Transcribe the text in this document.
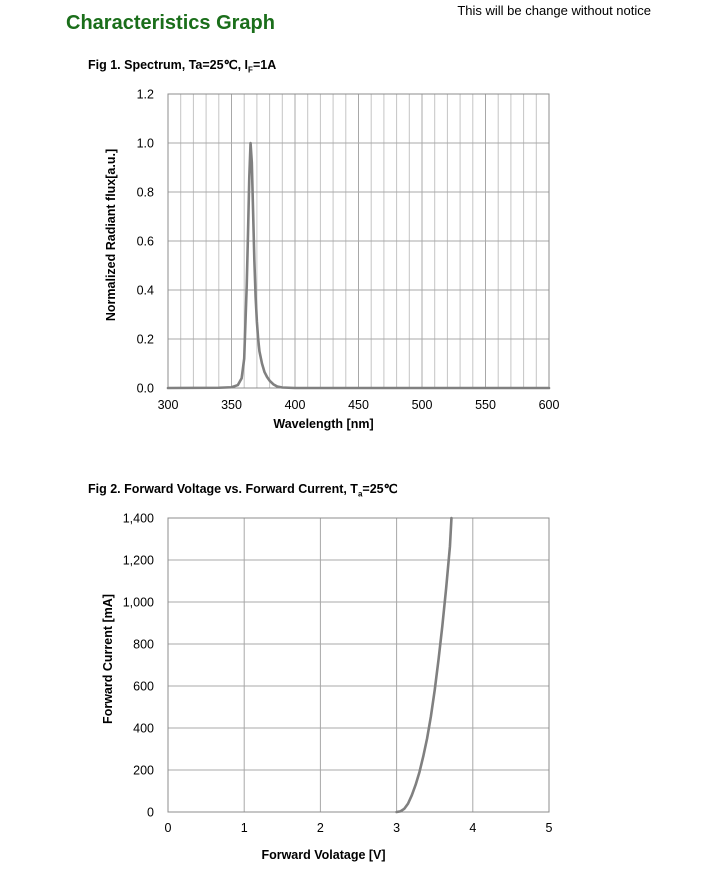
This will be change without notice
Characteristics Graph
Fig 1. Spectrum, Ta=25℃, $I_F=1A$
Fig 2. Forward Voltage vs. Forward Current, $T_a=25℃$
300	350	400	450	500	550	600
0.0
0.2
0.4
0.6
0.8
1.0
1.2
Wavelength [nm]
Normalized Radiant flux[a.u.]
0	1	2	3	4	5
0
200
400
600
800
1,000
1,200
1,400
Forward Volatage [V]
Forward Current [mA]
